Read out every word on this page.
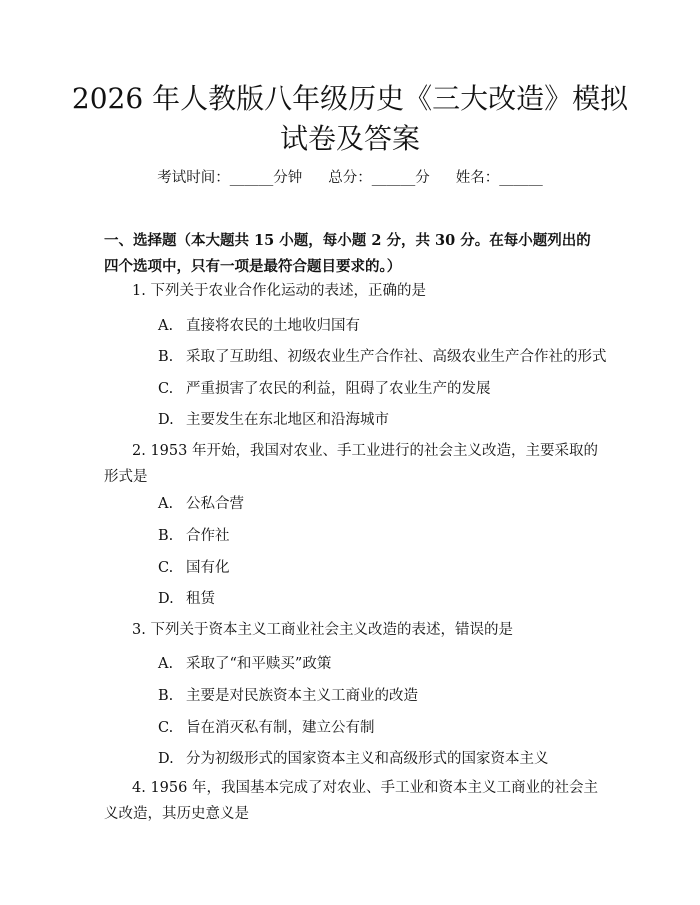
2026 年人教版八年级历史《三大改造》模拟
试卷及答案
考试时间：______分钟 总分：______分 姓名：______
一、选择题（本大题共 15 小题，每小题 2 分，共 30 分。在每小题列出的四个选项中，只有一项是最符合题目要求的。）
1. 下列关于农业合作化运动的表述，正确的是
A. 直接将农民的土地收归国有
B. 采取了互助组、初级农业生产合作社、高级农业生产合作社的形式
C. 严重损害了农民的利益，阻碍了农业生产的发展
D. 主要发生在东北地区和沿海城市
2. 1953 年开始，我国对农业、手工业进行的社会主义改造，主要采取的形式是
A. 公私合营
B. 合作社
C. 国有化
D. 租赁
3. 下列关于资本主义工商业社会主义改造的表述，错误的是
A. 采取了“和平赎买”政策
B. 主要是对民族资本主义工商业的改造
C. 旨在消灭私有制，建立公有制
D. 分为初级形式的国家资本主义和高级形式的国家资本主义
4. 1956 年，我国基本完成了对农业、手工业和资本主义工商业的社会主义改造，其历史意义是
